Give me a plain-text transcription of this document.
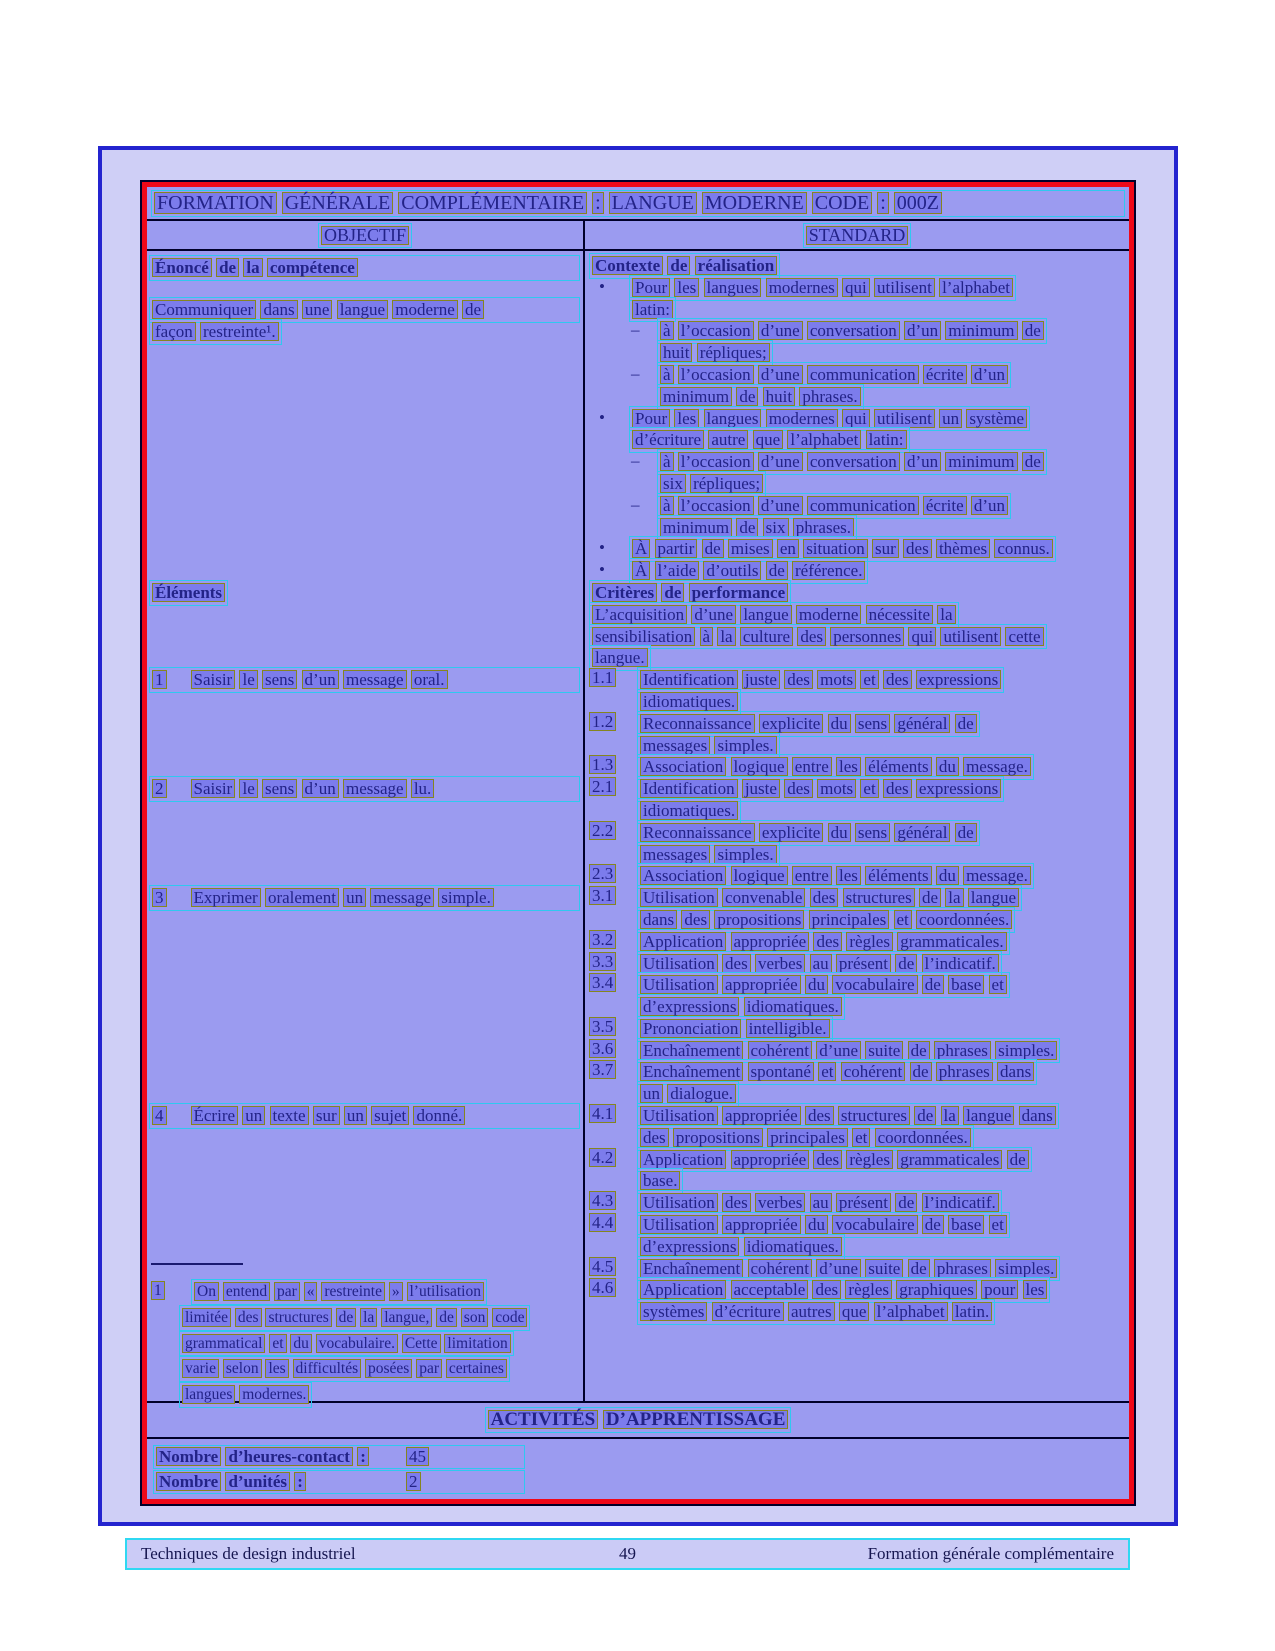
FORMATION GÉNÉRALE COMPLÉMENTAIRE : LANGUE MODERNE CODE : 000Z
OBJECTIF	STANDARD
Énoncé de la compétence
Communiquer dans une langue moderne de
façon restreinte¹.
Éléments
1 Saisir le sens d’un message oral.
2 Saisir le sens d’un message lu.
3 Exprimer oralement un message simple.
4 Écrire un texte sur un sujet donné.
1	On entend par « restreinte » l’utilisation
limitée des structures de la langue, de son code
grammatical et du vocabulaire. Cette limitation
varie selon les difficultés posées par certaines
langues modernes.
Contexte de réalisation
• Pour les langues modernes qui utilisent l’alphabet
latin:
– à l’occasion d’une conversation d’un minimum de
huit répliques;
– à l’occasion d’une communication écrite d’un
minimum de huit phrases.
• Pour les langues modernes qui utilisent un système
d’écriture autre que l’alphabet latin:
– à l’occasion d’une conversation d’un minimum de
six répliques;
– à l’occasion d’une communication écrite d’un
minimum de six phrases.
• À partir de mises en situation sur des thèmes connus.
• À l’aide d’outils de référence.
Critères de performance
L’acquisition d’une langue moderne nécessite la
sensibilisation à la culture des personnes qui utilisent cette
langue.
1.1 Identification juste des mots et des expressions
idiomatiques.
1.2 Reconnaissance explicite du sens général de
messages simples.
1.3 Association logique entre les éléments du message.
2.1 Identification juste des mots et des expressions
idiomatiques.
2.2 Reconnaissance explicite du sens général de
messages simples.
2.3 Association logique entre les éléments du message.
3.1 Utilisation convenable des structures de la langue
dans des propositions principales et coordonnées.
3.2 Application appropriée des règles grammaticales.
3.3 Utilisation des verbes au présent de l’indicatif.
3.4 Utilisation appropriée du vocabulaire de base et
d’expressions idiomatiques.
3.5 Prononciation intelligible.
3.6 Enchaînement cohérent d’une suite de phrases simples.
3.7 Enchaînement spontané et cohérent de phrases dans
un dialogue.
4.1 Utilisation appropriée des structures de la langue dans
des propositions principales et coordonnées.
4.2 Application appropriée des règles grammaticales de
base.
4.3 Utilisation des verbes au présent de l’indicatif.
4.4 Utilisation appropriée du vocabulaire de base et
d’expressions idiomatiques.
4.5 Enchaînement cohérent d’une suite de phrases simples.
4.6 Application acceptable des règles graphiques pour les
systèmes d’écriture autres que l’alphabet latin.
ACTIVITÉS D’APPRENTISSAGE
Nombre d’heures-contact :	45
Nombre d’unités :	2
Techniques de design industriel	49	Formation générale complémentaire
